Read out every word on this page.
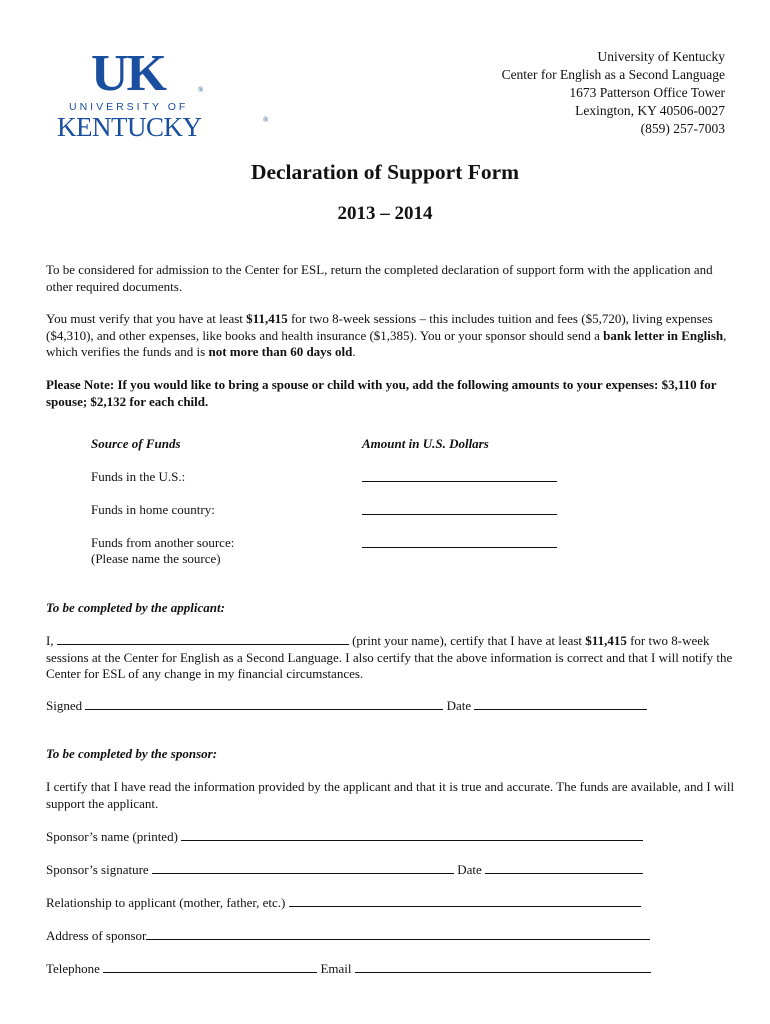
UK	®
UNIVERSITY OF
KENTUCKY	®
University of Kentucky
Center for English as a Second Language
1673 Patterson Office Tower
Lexington, KY 40506-0027
(859) 257-7003
Declaration of Support Form
2013 – 2014
To be considered for admission to the Center for ESL, return the completed declaration of support form with the application and other required documents.
You must verify that you have at least $11,415 for two 8-week sessions – this includes tuition and fees ($5,720), living expenses ($4,310), and other expenses, like books and health insurance ($1,385). You or your sponsor should send a bank letter in English, which verifies the funds and is not more than 60 days old.
Please Note: If you would like to bring a spouse or child with you, add the following amounts to your expenses: $3,110 for spouse; $2,132 for each child.
Source of Funds	Amount in U.S. Dollars
Funds in the U.S.:
Funds in home country:
Funds from another source:
(Please name the source)
To be completed by the applicant:
I,	(print your name), certify that I have at least $11,415 for two 8-week sessions at the Center for English as a Second Language. I also certify that the above information is correct and that I will notify the Center for ESL of any change in my financial circumstances.
Signed	Date
To be completed by the sponsor:
I certify that I have read the information provided by the applicant and that it is true and accurate. The funds are available, and I will support the applicant.
Sponsor’s name (printed)
Sponsor’s signature	Date
Relationship to applicant (mother, father, etc.)
Address of sponsor
Telephone	Email
